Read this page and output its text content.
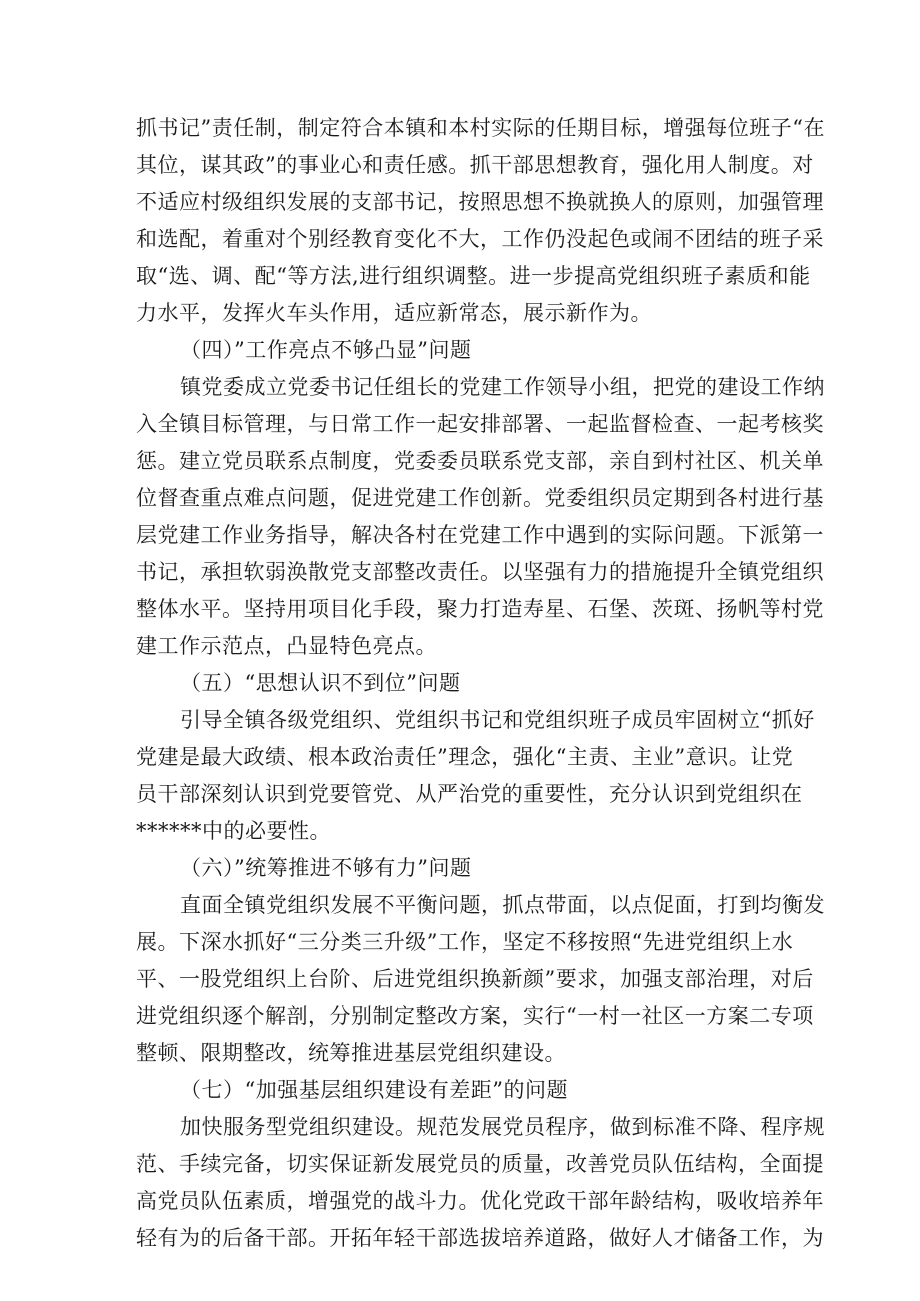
抓书记”责任制，制定符合本镇和本村实际的任期目标，增强每位班子“在
其位，谋其政”的事业心和责任感。抓干部思想教育，强化用人制度。对
不适应村级组织发展的支部书记，按照思想不换就换人的原则，加强管理
和选配，着重对个别经教育变化不大，工作仍没起色或闹不团结的班子采
取“选、调、配“等方法,进行组织调整。进一步提高党组织班子素质和能
力水平，发挥火车头作用，适应新常态，展示新作为。
（四）”工作亮点不够凸显”问题
镇党委成立党委书记任组长的党建工作领导小组，把党的建设工作纳
入全镇目标管理，与日常工作一起安排部署、一起监督检查、一起考核奖
惩。建立党员联系点制度，党委委员联系党支部，亲自到村社区、机关单
位督查重点难点问题，促进党建工作创新。党委组织员定期到各村进行基
层党建工作业务指导，解决各村在党建工作中遇到的实际问题。下派第一
书记，承担软弱涣散党支部整改责任。以坚强有力的措施提升全镇党组织
整体水平。坚持用项目化手段，聚力打造寿星、石堡、茨斑、扬帆等村党
建工作示范点，凸显特色亮点。
（五）“思想认识不到位”问题
引导全镇各级党组织、党组织书记和党组织班子成员牢固树立“抓好
党建是最大政绩、根本政治责任”理念，强化“主责、主业”意识。让党
员干部深刻认识到党要管党、从严治党的重要性，充分认识到党组织在
******中的必要性。
（六）”统筹推进不够有力”问题
直面全镇党组织发展不平衡问题，抓点带面，以点促面，打到均衡发
展。下深水抓好“三分类三升级”工作，坚定不移按照“先进党组织上水
平、一股党组织上台阶、后进党组织换新颜”要求，加强支部治理，对后
进党组织逐个解剖，分别制定整改方案，实行“一村一社区一方案二专项
整顿、限期整改，统筹推进基层党组织建设。
（七）“加强基层组织建设有差距”的问题
加快服务型党组织建设。规范发展党员程序，做到标准不降、程序规
范、手续完备，切实保证新发展党员的质量，改善党员队伍结构，全面提
高党员队伍素质，增强党的战斗力。优化党政干部年龄结构，吸收培养年
轻有为的后备干部。开拓年轻干部选拔培养道路，做好人才储备工作，为
